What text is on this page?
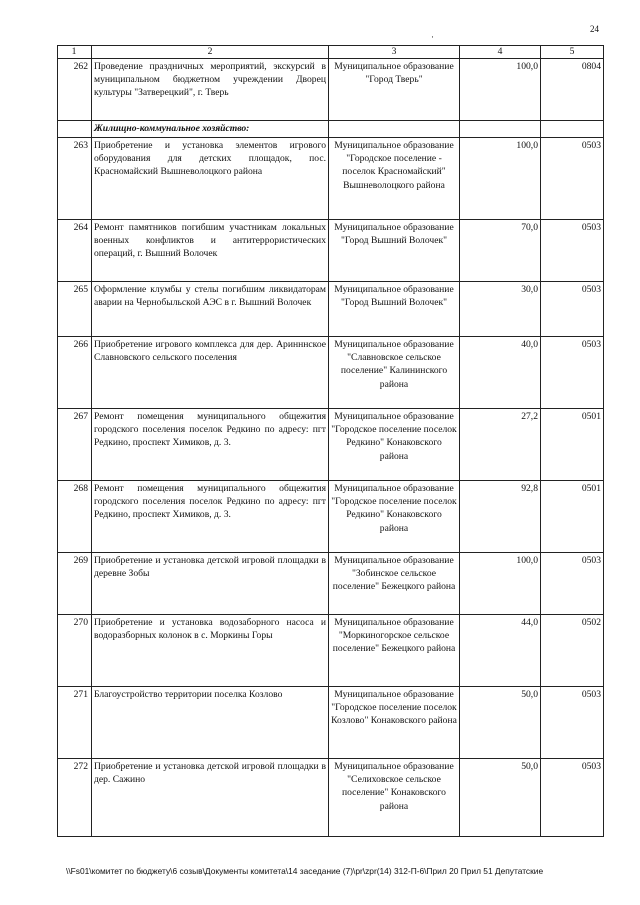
24
·
1	2	3	4	5
262	Проведение праздничных мероприятий, экскурсий в муниципальном бюджетном учреждении Дворец культуры "Затверецкий", г. Тверь	Муниципальное образование "Город Тверь"	100,0	0804
	Жилищно-коммунальное хозяйство:			
263	Приобретение и установка элементов игрового оборудования для детских площадок, пос. Красномайский Вышневолоцкого района	Муниципальное образование "Городское поселение - поселок Красномайский" Вышневолоцкого района	100,0	0503
264	Ремонт памятников погибшим участникам локальных военных конфликтов и антитеррористических операций, г. Вышний Волочек	Муниципальное образование "Город Вышний Волочек"	70,0	0503
265	Оформление клумбы у стелы погибшим ликвидаторам аварии на Чернобыльской АЭС в г. Вышний Волочек	Муниципальное образование "Город Вышний Волочек"	30,0	0503
266	Приобретение игрового комплекса для дер. Аринннское Славновского сельского поселения	Муниципальное образование "Славновское сельское поселение" Калининского района	40,0	0503
267	Ремонт помещения муниципального общежития городского поселения поселок Редкино по адресу: пгт Редкино, проспект Химиков, д. 3.	Муниципальное образование "Городское поселение поселок Редкино" Конаковского района	27,2	0501
268	Ремонт помещения муниципального общежития городского поселения поселок Редкино по адресу: пгт Редкино, проспект Химиков, д. 3.	Муниципальное образование "Городское поселение поселок Редкино" Конаковского района	92,8	0501
269	Приобретение и установка детской игровой площадки в деревне Зобы	Муниципальное образование "Зобинское сельское поселение" Бежецкого района	100,0	0503
270	Приобретение и установка водозаборного насоса и водоразборных колонок в с. Моркины Горы	Муниципальное образование "Моркиногорское сельское поселение" Бежецкого района	44,0	0502
271	Благоустройство территории поселка Козлово	Муниципальное образование "Городское поселение поселок Козлово" Конаковского района	50,0	0503
272	Приобретение и установка детской игровой площадки в дер. Сажино	Муниципальное образование "Селиховское сельское поселение" Конаковского района	50,0	0503
\\Fs01\комитет по бюджету\6 созыв\Документы комитета\14 заседание (7)\pr\zpr(14) 312-П-6\Прил 20 Прил 51 Депутатские
